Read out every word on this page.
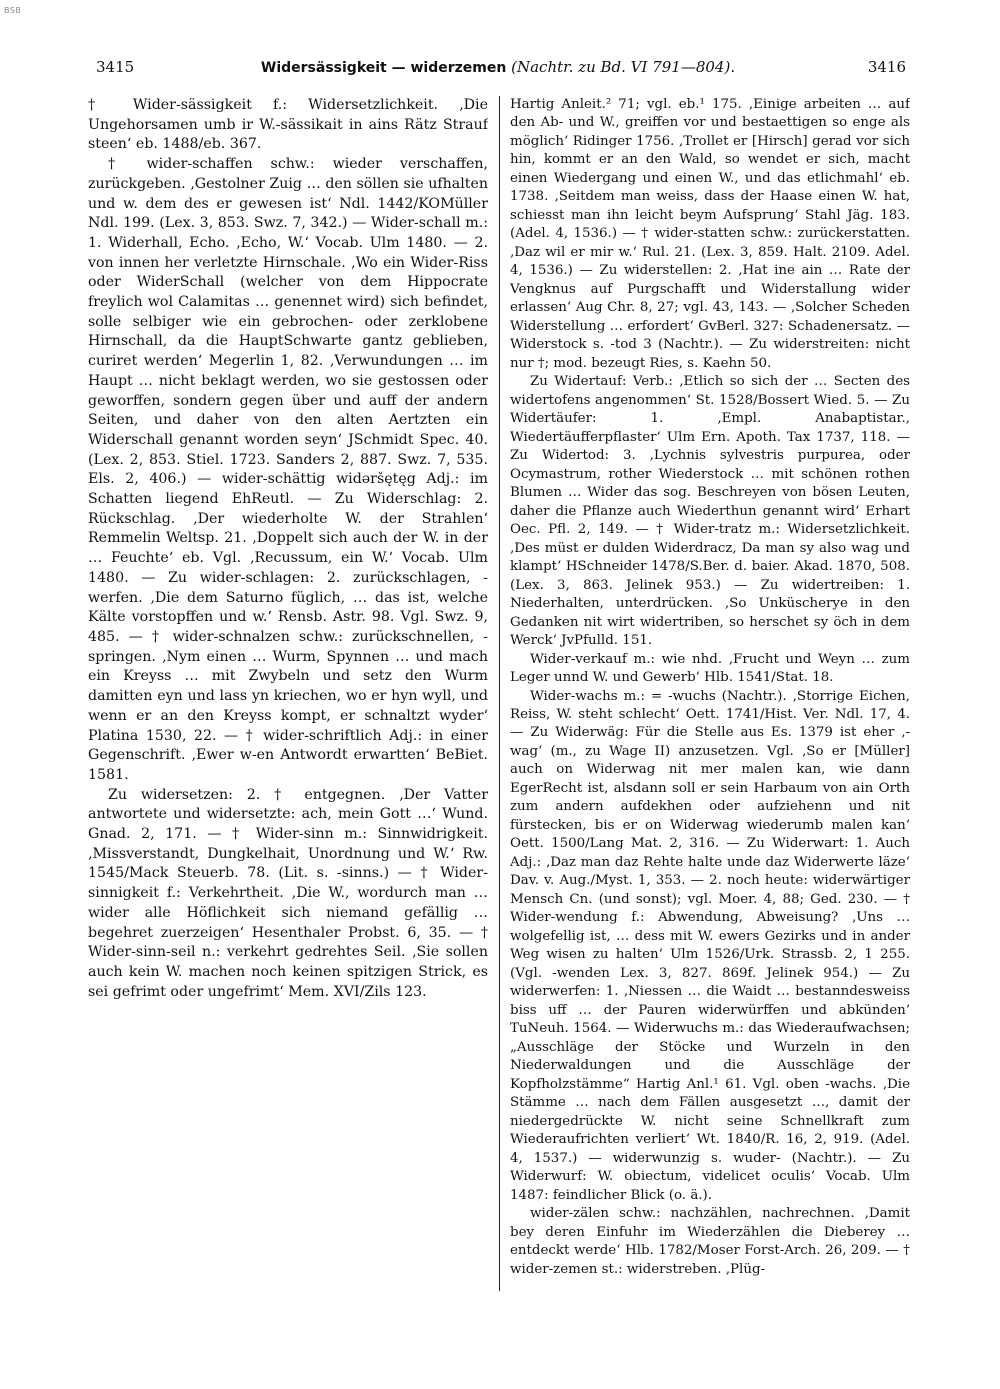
BSB
3415	Widersässigkeit — widerzemen (Nachtr. zu Bd. VI 791—804).	3416

† Wider-sässigkeit f.: Widersetzlichkeit. ‚Die Ungehorsamen umb ir W.-sässikait in ains Rätz Strauf steen‘ eb. 1488/eb. 367.

† wider-schaffen schw.: wieder verschaffen, zurückgeben. ‚Gestolner Zuig … den söllen sie ufhalten und w. dem des er gewesen ist‘ Ndl. 1442/KOMüller Ndl. 199. (Lex. 3, 853. Swz. 7, 342.) — Wider-schall m.: 1. Widerhall, Echo. ‚Echo, W.‘ Vocab. Ulm 1480. — 2. von innen her verletzte Hirnschale. ‚Wo ein Wider-Riss oder WiderSchall (welcher von dem Hippocrate freylich wol Calamitas … genennet wird) sich befindet, solle selbiger wie ein gebrochen- oder zerklobene Hirnschall, da die HauptSchwarte gantz geblieben, curiret werden‘ Megerlin 1, 82. ‚Verwundungen … im Haupt … nicht beklagt werden, wo sie gestossen oder geworffen, sondern gegen über und auff der andern Seiten, und daher von den alten Aertzten ein Widerschall genannt worden seyn‘ JSchmidt Spec. 40. (Lex. 2, 853. Stiel. 1723. Sanders 2, 887. Swz. 7, 535. Els. 2, 406.) — wider-schättig widəršętęg Adj.: im Schatten liegend EhReutl. — Zu Widerschlag: 2. Rückschlag. ‚Der wiederholte W. der Strahlen‘ Remmelin Weltsp. 21. ‚Doppelt sich auch der W. in der … Feuchte‘ eb. Vgl. ‚Recussum, ein W.‘ Vocab. Ulm 1480. — Zu wider-schlagen: 2. zurückschlagen, -werfen. ‚Die dem Saturno füglich, … das ist, welche Kälte vorstopffen und w.‘ Rensb. Astr. 98. Vgl. Swz. 9, 485. — † wider-schnalzen schw.: zurückschnellen, -springen. ‚Nym einen … Wurm, Spynnen … und mach ein Kreyss … mit Zwybeln und setz den Wurm damitten eyn und lass yn kriechen, wo er hyn wyll, und wenn er an den Kreyss kompt, er schnaltzt wyder‘ Platina 1530, 22. — † wider-schriftlich Adj.: in einer Gegenschrift. ‚Ewer w-en Antwordt erwartten‘ BeBiet. 1581.

Zu widersetzen: 2. † entgegnen. ‚Der Vatter antwortete und widersetzte: ach, mein Gott …‘ Wund. Gnad. 2, 171. — † Wider-sinn m.: Sinnwidrigkeit. ‚Missverstandt, Dungkelhait, Unordnung und W.‘ Rw. 1545/Mack Steuerb. 78. (Lit. s. -sinns.) — † Wider-sinnigkeit f.: Verkehrtheit. ‚Die W., wordurch man … wider alle Höflichkeit sich niemand gefällig … begehret zuerzeigen‘ Hesenthaler Probst. 6, 35. — † Wider-sinn-seil n.: verkehrt gedrehtes Seil. ‚Sie sollen auch kein W. machen noch keinen spitzigen Strick, es sei gefrimt oder ungefrimt‘ Mem. XVI/Zils 123.

Hartig Anleit.² 71; vgl. eb.¹ 175. ‚Einige arbeiten … auf den Ab- und W., greiffen vor und bestaettigen so enge als möglich‘ Ridinger 1756. ‚Trollet er [Hirsch] gerad vor sich hin, kommt er an den Wald, so wendet er sich, macht einen Wiedergang und einen W., und das etlichmahl‘ eb. 1738. ‚Seitdem man weiss, dass der Haase einen W. hat, schiesst man ihn leicht beym Aufsprung‘ Stahl Jäg. 183. (Adel. 4, 1536.) — † wider-statten schw.: zurückerstatten. ‚Daz wil er mir w.‘ Rul. 21. (Lex. 3, 859. Halt. 2109. Adel. 4, 1536.) — Zu widerstellen: 2. ‚Hat ine ain … Rate der Vengknus auf Purgschafft und Widerstallung wider erlassen‘ Aug Chr. 8, 27; vgl. 43, 143. — ‚Solcher Scheden Widerstellung … erfordert‘ GvBerl. 327: Schadenersatz. — Widerstock s. -tod 3 (Nachtr.). — Zu widerstreiten: nicht nur †; mod. bezeugt Ries, s. Kaehn 50.

Zu Widertauf: Verb.: ‚Etlich so sich der … Secten des widertofens angenommen‘ St. 1528/Bossert Wied. 5. — Zu Widertäufer: 1. ‚Empl. Anabaptistar., Wiedertäufferpflaster‘ Ulm Ern. Apoth. Tax 1737, 118. — Zu Widertod: 3. ‚Lychnis sylvestris purpurea, oder Ocymastrum, rother Wiederstock … mit schönen rothen Blumen … Wider das sog. Beschreyen von bösen Leuten, daher die Pflanze auch Wiederthun genannt wird‘ Erhart Oec. Pfl. 2, 149. — † Wider-tratz m.: Widersetzlichkeit. ‚Des müst er dulden Widerdracz, Da man sy also wag und klampt‘ HSchneider 1478/S.Ber. d. baier. Akad. 1870, 508. (Lex. 3, 863. Jelinek 953.) — Zu widertreiben: 1. Niederhalten, unterdrücken. ‚So Unküscherye in den Gedanken nit wirt widertriben, so herschet sy öch in dem Werck‘ JvPfulld. 151.

Wider-verkauf m.: wie nhd. ‚Frucht und Weyn … zum Leger unnd W. und Gewerb‘ Hlb. 1541/Stat. 18.

Wider-wachs m.: = -wuchs (Nachtr.). ‚Storrige Eichen, Reiss, W. steht schlecht‘ Oett. 1741/Hist. Ver. Ndl. 17, 4. — Zu Widerwäg: Für die Stelle aus Es. 1379 ist eher ‚-wag‘ (m., zu Wage II) anzusetzen. Vgl. ‚So er [Müller] auch on Widerwag nit mer malen kan, wie dann EgerRecht ist, alsdann soll er sein Harbaum von ain Orth zum andern aufdekhen oder aufziehenn und nit fürstecken, bis er on Widerwag wiederumb malen kan‘ Oett. 1500/Lang Mat. 2, 316. — Zu Widerwart: 1. Auch Adj.: ‚Daz man daz Rehte halte unde daz Widerwerte läze‘ Dav. v. Aug./Myst. 1, 353. — 2. noch heute: widerwärtiger Mensch Cn. (und sonst); vgl. Moer. 4, 88; Ged. 230. — † Wider-wendung f.: Abwendung, Abweisung? ‚Uns … wolgefellig ist, … dess mit W. ewers Gezirks und in ander Weg wisen zu halten‘ Ulm 1526/Urk. Strassb. 2, 1 255. (Vgl. -wenden Lex. 3, 827. 869f. Jelinek 954.) — Zu widerwerfen: 1. ‚Niessen … die Waidt … bestanndesweiss biss uff … der Pauren widerwürffen und abkünden‘ TuNeuh. 1564. — Widerwuchs m.: das Wiederaufwachsen; „Ausschläge der Stöcke und Wurzeln in den Niederwaldungen und die Ausschläge der Kopfholzstämme“ Hartig Anl.¹ 61. Vgl. oben -wachs. ‚Die Stämme … nach dem Fällen ausgesetzt …, damit der niedergedrückte W. nicht seine Schnellkraft zum Wiederaufrichten verliert‘ Wt. 1840/R. 16, 2, 919. (Adel. 4, 1537.) — widerwunzig s. wuder- (Nachtr.). — Zu Widerwurf: W. obiectum, videlicet oculis‘ Vocab. Ulm 1487: feindlicher Blick (o. ä.).

wider-zälen schw.: nachzählen, nachrechnen. ‚Damit bey deren Einfuhr im Wiederzählen die Dieberey … entdeckt werde‘ Hlb. 1782/Moser Forst-Arch. 26, 209. — † wider-zemen st.: widerstreben. ‚Plüg-
